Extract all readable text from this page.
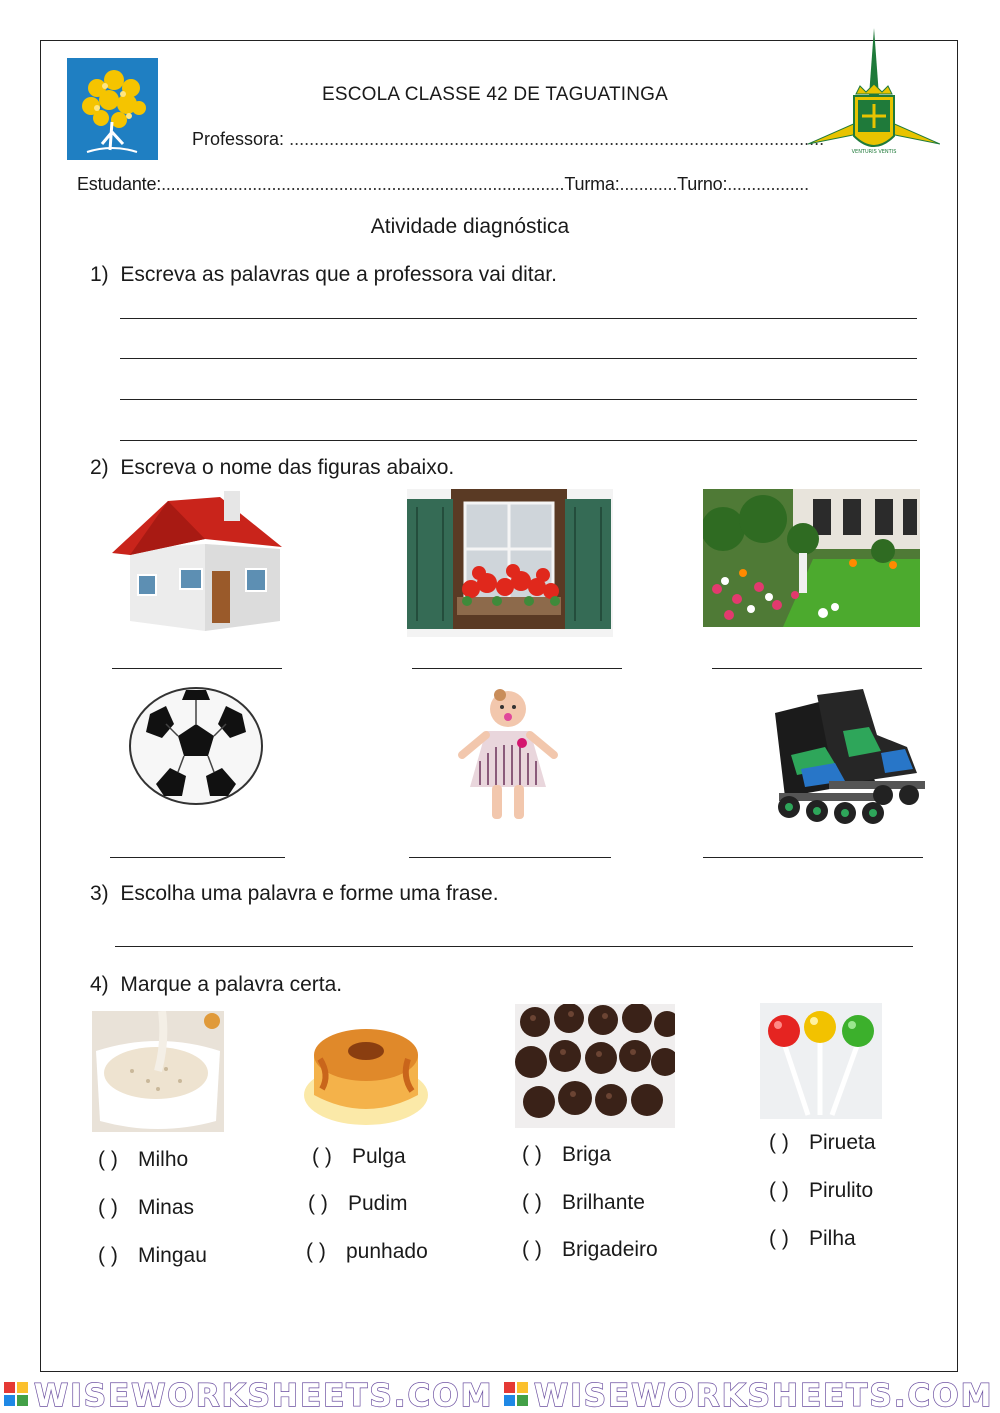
ESCOLA CLASSE 42 DE TAGUATINGA
Professora: ...........................................................................................................
VENTURIS VENTIS
Estudante:....................................................................................Turma:............Turno:.................
Atividade diagnóstica
1) Escreva as palavras que a professora vai ditar.
2) Escreva o nome das figuras abaixo.
3) Escolha uma palavra e forme uma frase.
4) Marque a palavra certa.
( ) Milho
( ) Minas
( ) Mingau
( ) Pulga
( ) Pudim
( ) punhado
( ) Briga
( ) Brilhante
( ) Brigadeiro
( ) Pirueta
( ) Pirulito
( ) Pilha
WISEWORKSHEETS.COM WISEWORKSHEETS.COM
